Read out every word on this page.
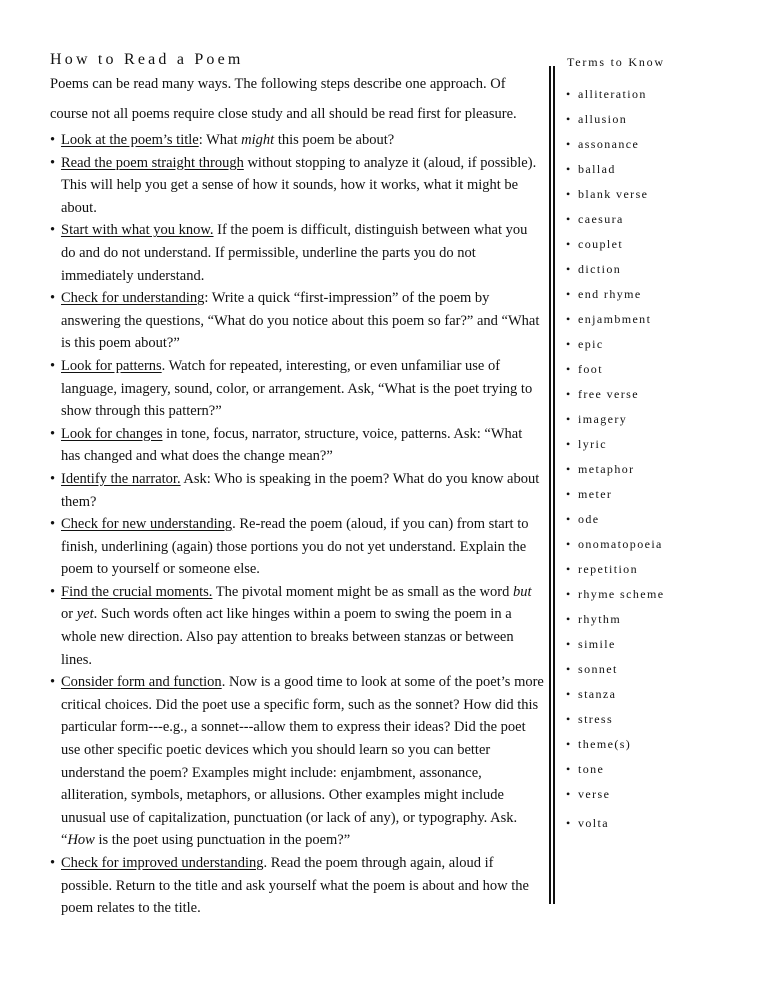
How to Read a Poem

Poems can be read many ways. The following steps describe one approach. Of course not all poems require close study and all should be read first for pleasure.

• Look at the poem’s title: What might this poem be about?
• Read the poem straight through without stopping to analyze it (aloud, if possible). This will help you get a sense of how it sounds, how it works, what it might be about.
• Start with what you know. If the poem is difficult, distinguish between what you do and do not understand. If permissible, underline the parts you do not immediately understand.
• Check for understanding: Write a quick “first-impression” of the poem by answering the questions, “What do you notice about this poem so far?” and “What is this poem about?”
• Look for patterns. Watch for repeated, interesting, or even unfamiliar use of language, imagery, sound, color, or arrangement. Ask, “What is the poet trying to show through this pattern?”
• Look for changes in tone, focus, narrator, structure, voice, patterns. Ask: “What has changed and what does the change mean?”
• Identify the narrator. Ask: Who is speaking in the poem? What do you know about them?
• Check for new understanding. Re-read the poem (aloud, if you can) from start to finish, underlining (again) those portions you do not yet understand. Explain the poem to yourself or someone else.
• Find the crucial moments. The pivotal moment might be as small as the word but or yet. Such words often act like hinges within a poem to swing the poem in a whole new direction. Also pay attention to breaks between stanzas or between lines.
• Consider form and function. Now is a good time to look at some of the poet’s more critical choices. Did the poet use a specific form, such as the sonnet? How did this particular form---e.g., a sonnet---allow them to express their ideas? Did the poet use other specific poetic devices which you should learn so you can better understand the poem? Examples might include: enjambment, assonance, alliteration, symbols, metaphors, or allusions. Other examples might include unusual use of capitalization, punctuation (or lack of any), or typography. Ask. “How is the poet using punctuation in the poem?”
• Check for improved understanding. Read the poem through again, aloud if possible. Return to the title and ask yourself what the poem is about and how the poem relates to the title.
Terms to Know
• alliteration
• allusion
• assonance
• ballad
• blank verse
• caesura
• couplet
• diction
• end rhyme
• enjambment
• epic
• foot
• free verse
• imagery
• lyric
• metaphor
• meter
• ode
• onomatopoeia
• repetition
• rhyme scheme
• rhythm
• simile
• sonnet
• stanza
• stress
• theme(s)
• tone
• verse
• volta
